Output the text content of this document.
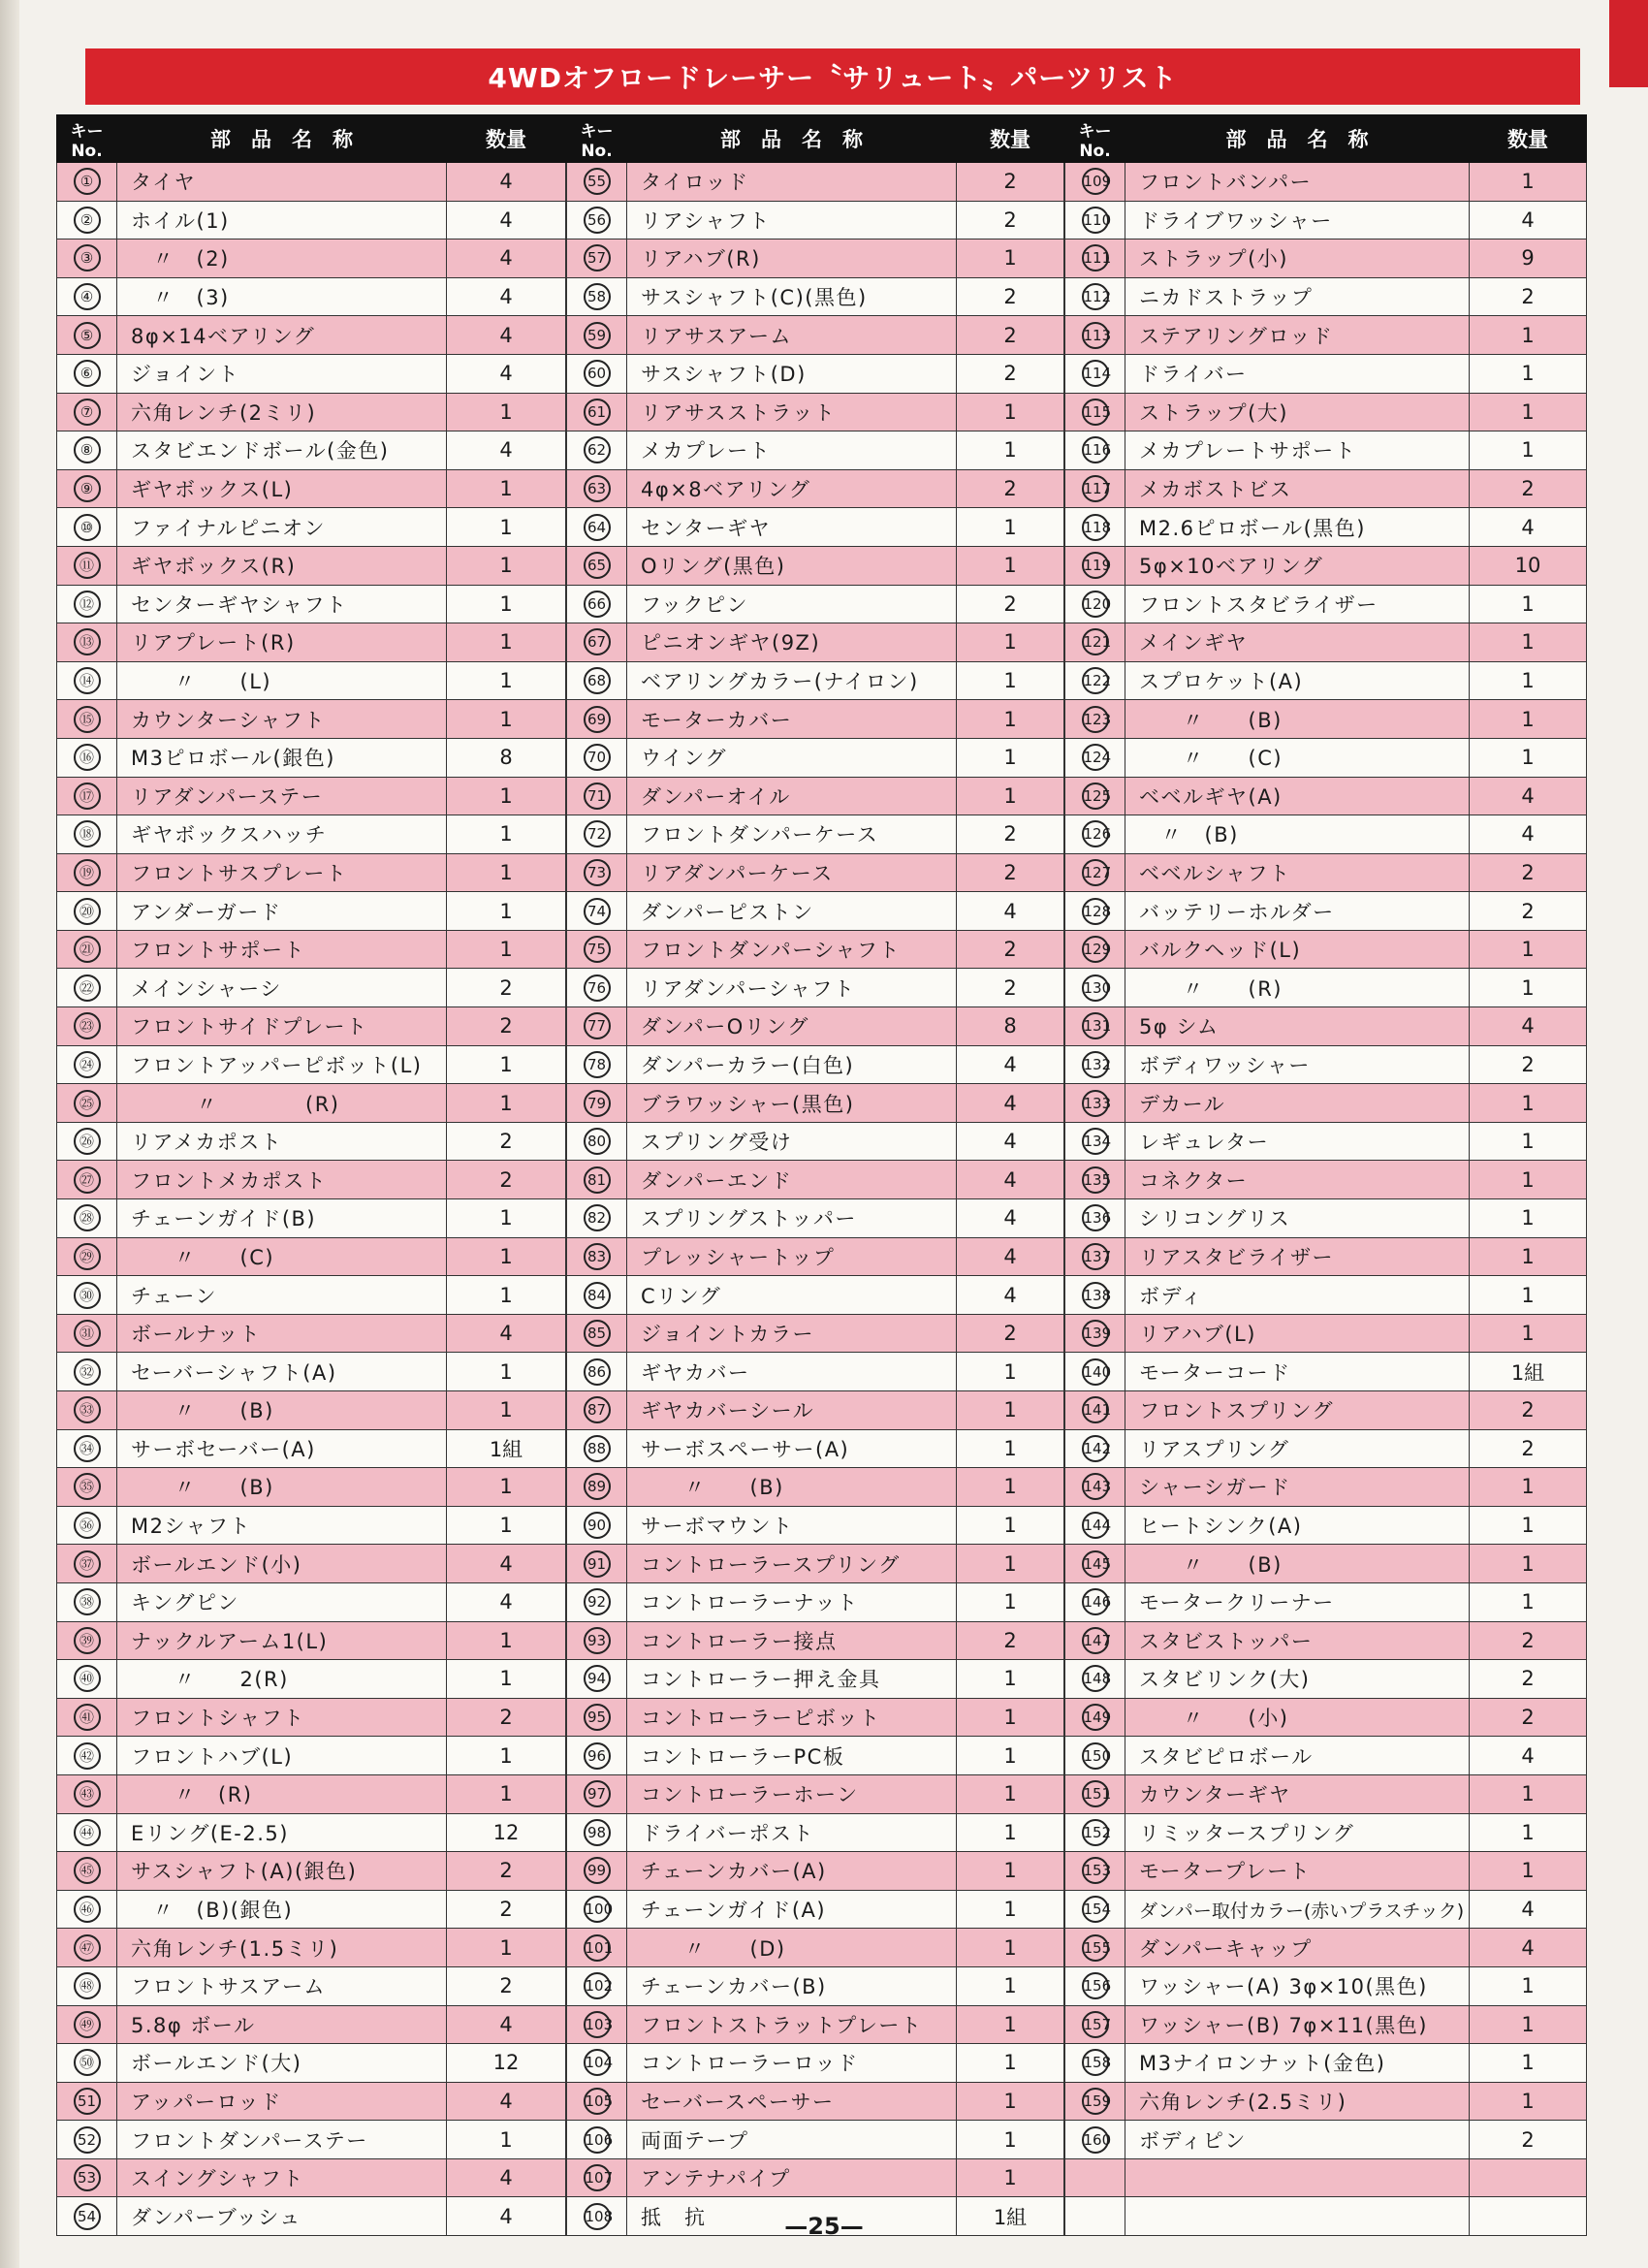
4WDオフロードレーサー〝サリュート〟パーツリスト
キーNo.	部　品　名　称	数量
①	タイヤ	4
②	ホイル(1)	4
③	　〃　(2)	4
④	　〃　(3)	4
⑤	8φ×14ベアリング	4
⑥	ジョイント	4
⑦	六角レンチ(2ミリ)	1
⑧	スタビエンドボール(金色)	4
⑨	ギヤボックス(L)	1
⑩	ファイナルピニオン	1
⑪	ギヤボックス(R)	1
⑫	センターギヤシャフト	1
⑬	リアプレート(R)	1
⑭	　　〃　　(L)	1
⑮	カウンターシャフト	1
⑯	M3ピロボール(銀色)	8
⑰	リアダンパーステー	1
⑱	ギヤボックスハッチ	1
⑲	フロントサスプレート	1
⑳	アンダーガード	1
㉑	フロントサポート	1
㉒	メインシャーシ	2
㉓	フロントサイドプレート	2
㉔	フロントアッパーピボット(L)	1
㉕	　　　〃　　　　(R)	1
㉖	リアメカポスト	2
㉗	フロントメカポスト	2
㉘	チェーンガイド(B)	1
㉙	　　〃　　(C)	1
㉚	チェーン	1
㉛	ボールナット	4
㉜	セーバーシャフト(A)	1
㉝	　　〃　　(B)	1
㉞	サーボセーバー(A)	1組
㉟	　　〃　　(B)	1
㊱	M2シャフト	1
㊲	ボールエンド(小)	4
㊳	キングピン	4
㊴	ナックルアーム1(L)	1
㊵	　　〃　　2(R)	1
㊶	フロントシャフト	2
㊷	フロントハブ(L)	1
㊸	　　〃　(R)	1
㊹	Eリング(E-2.5)	12
㊺	サスシャフト(A)(銀色)	2
㊻	　〃　(B)(銀色)	2
㊼	六角レンチ(1.5ミリ)	1
㊽	フロントサスアーム	2
㊾	5.8φ ボール	4
㊿	ボールエンド(大)	12
51	アッパーロッド	4
52	フロントダンパーステー	1
53	スイングシャフト	4
54	ダンパーブッシュ	4
キーNo.	部　品　名　称	数量
55	タイロッド	2
56	リアシャフト	2
57	リアハブ(R)	1
58	サスシャフト(C)(黒色)	2
59	リアサスアーム	2
60	サスシャフト(D)	2
61	リアサスストラット	1
62	メカプレート	1
63	4φ×8ベアリング	2
64	センターギヤ	1
65	Oリング(黒色)	1
66	フックピン	2
67	ピニオンギヤ(9Z)	1
68	ベアリングカラー(ナイロン)	1
69	モーターカバー	1
70	ウイング	1
71	ダンパーオイル	1
72	フロントダンパーケース	2
73	リアダンパーケース	2
74	ダンパーピストン	4
75	フロントダンパーシャフト	2
76	リアダンパーシャフト	2
77	ダンパーOリング	8
78	ダンパーカラー(白色)	4
79	ブラワッシャー(黒色)	4
80	スプリング受け	4
81	ダンパーエンド	4
82	スプリングストッパー	4
83	プレッシャートップ	4
84	Cリング	4
85	ジョイントカラー	2
86	ギヤカバー	1
87	ギヤカバーシール	1
88	サーボスペーサー(A)	1
89	　　〃　　(B)	1
90	サーボマウント	1
91	コントローラースプリング	1
92	コントローラーナット	1
93	コントローラー接点	2
94	コントローラー押え金具	1
95	コントローラーピボット	1
96	コントローラーPC板	1
97	コントローラーホーン	1
98	ドライバーポスト	1
99	チェーンカバー(A)	1
100	チェーンガイド(A)	1
101	　　〃　　(D)	1
102	チェーンカバー(B)	1
103	フロントストラットプレート	1
104	コントローラーロッド	1
105	セーバースペーサー	1
106	両面テープ	1
107	アンテナパイプ	1
108	抵　抗	1組
キーNo.	部　品　名　称	数量
109	フロントバンパー	1
110	ドライブワッシャー	4
111	ストラップ(小)	9
112	ニカドストラップ	2
113	ステアリングロッド	1
114	ドライバー	1
115	ストラップ(大)	1
116	メカプレートサポート	1
117	メカボストビス	2
118	M2.6ピロボール(黒色)	4
119	5φ×10ベアリング	10
120	フロントスタビライザー	1
121	メインギヤ	1
122	スプロケット(A)	1
123	　　〃　　(B)	1
124	　　〃　　(C)	1
125	ベベルギヤ(A)	4
126	　〃　(B)	4
127	ベベルシャフト	2
128	バッテリーホルダー	2
129	バルクヘッド(L)	1
130	　　〃　　(R)	1
131	5φ シム	4
132	ボディワッシャー	2
133	デカール	1
134	レギュレター	1
135	コネクター	1
136	シリコングリス	1
137	リアスタビライザー	1
138	ボディ	1
139	リアハブ(L)	1
140	モーターコード	1組
141	フロントスプリング	2
142	リアスプリング	2
143	シャーシガード	1
144	ヒートシンク(A)	1
145	　　〃　　(B)	1
146	モータークリーナー	1
147	スタビストッパー	2
148	スタビリンク(大)	2
149	　　〃　　(小)	2
150	スタビピロボール	4
151	カウンターギヤ	1
152	リミッタースプリング	1
153	モータープレート	1
154	ダンパー取付カラー(赤いプラスチック)	4
155	ダンパーキャップ	4
156	ワッシャー(A) 3φ×10(黒色)	1
157	ワッシャー(B) 7φ×11(黒色)	1
158	M3ナイロンナット(金色)	1
159	六角レンチ(2.5ミリ)	1
160	ボディピン	2

—25—
